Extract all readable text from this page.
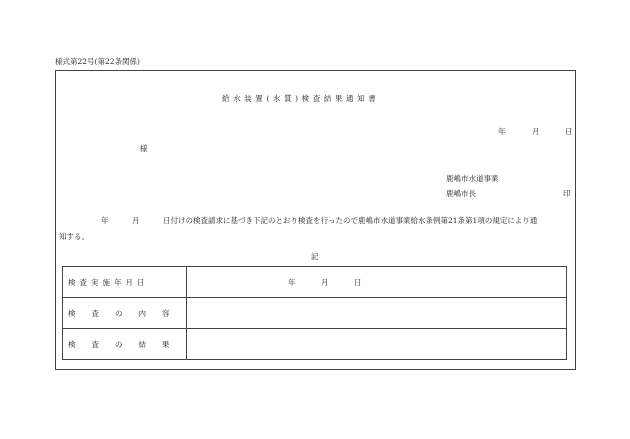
様式第22号(第22条関係)
給水装置(水質)検査結果通知書
年	月	日
様
鹿嶋市水道事業
鹿嶋市長	印
年	月	日付けの検査請求に基づき下記のとおり検査を行ったので鹿嶋市水道事業給水条例第21条第1項の規定により通
知する。
記
検査実施年月日	年 月 日

検査の内容	
検査の結果	
